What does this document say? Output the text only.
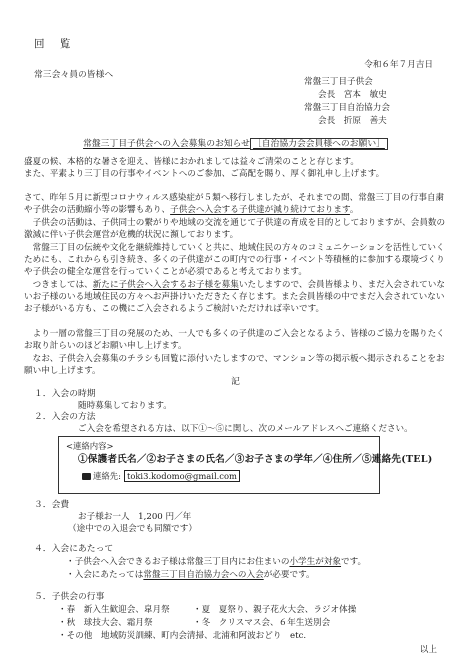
回 覧
令和６年７月吉日
常三会々員の皆様へ
常盤三丁目子供会
会長　宮本　敏史
常盤三丁目自治協力会
会長　折原　善夫
常盤三丁目子供会への入会募集のお知らせ ［自治協力会会員様へのお願い］
盛夏の候、本格的な暑さを迎え、皆様におかれましては益々ご清栄のことと存じます。
また、平素より三丁目の行事やイベントへのご参加、ご高配を賜り、厚く御礼申し上げます。
さて、昨年５月に新型コロナウィルス感染症が５類へ移行しましたが、それまでの間、常盤三丁目の行事自粛や子供会の活動縮小等の影響もあり、子供会へ入会する子供達が減り続けております。
子供会の活動は、子供同士の繋がりや地域の交流を通じて子供達の育成を目的としておりますが、会員数の激減に伴い子供会運営が危機的状況に瀕しております。
常盤三丁目の伝統や文化を継続維持していくと共に、地域住民の方々のコミュニケーションを活性していくためにも、これからも引き続き、多くの子供達がこの町内での行事・イベント等積極的に参加する環境づくりや子供会の健全な運営を行っていくことが必須であると考えております。
つきましては、新たに子供会へ入会するお子様を募集いたしますので、会員皆様より、まだ入会されていないお子様のいる地域住民の方々へお声掛けいただきたく存じます。また会員皆様の中でまだ入会されていないお子様がいる方も、この機にご入会されるようご検討いただければ幸いです。
より一層の常盤三丁目の発展のため、一人でも多くの子供達のご入会となるよう、皆様のご協力を賜りたくお取り計らいのほどお願い申し上げます。
なお、子供会入会募集のチラシも回覧に添付いたしますので、マンション等の掲示板へ掲示されることをお願い申し上げます。
記
１．入会の時期
随時募集しております。
２．入会の方法
<連絡内容>
①保護者氏名／②お子さまの氏名／③お子さまの学年／④住所／⑤連絡先(TEL)
連絡先: toki3.kodomo@gmail.com
３．会費
お子様お一人　1,200 円／年
（途中での入退会でも同額です）
４．入会にあたって
・子供会へ入会できるお子様は常盤三丁目内にお住まいの小学生が対象です。
・入会にあたっては常盤三丁目自治協力会への入会が必要です。
５．子供会の行事
・春　新入生歓迎会、皐月祭	・夏　夏祭り、親子花火大会、ラジオ体操
・秋　球技大会、霜月祭	・冬　クリスマス会、６年生送別会
・その他　地域防災訓練、町内会清掃、北浦和阿波おどり　etc.
以上
ご入会を希望される方は、以下①～⑤に関し、次のメールアドレスへご連絡ください。
